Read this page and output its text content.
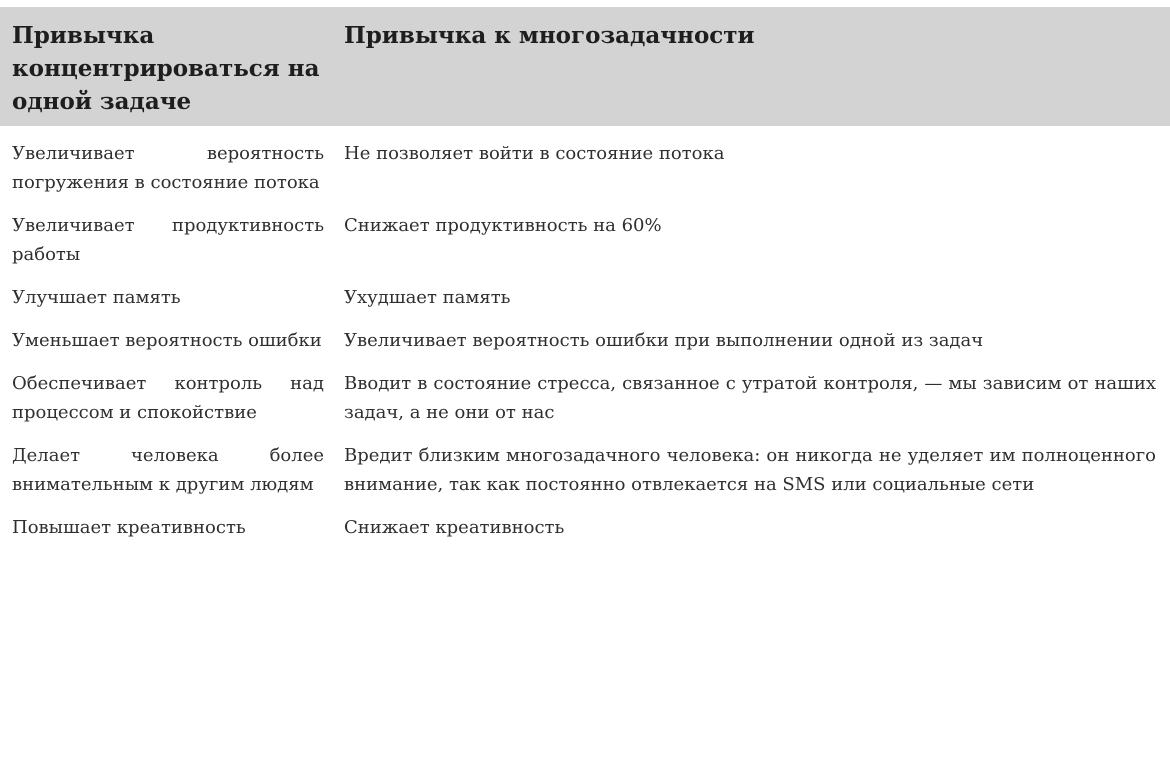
Привычка концентрироваться на одной задаче	Привычка к многозадачности
Увеличивает вероятность погружения в состояние потока	Не позволяет войти в состояние потока
Увеличивает продуктивность работы	Снижает продуктивность на 60%
Улучшает память	Ухудшает память
Уменьшает вероятность ошибки	Увеличивает вероятность ошибки при выполнении одной из задач
Обеспечивает контроль над процессом и спокойствие	Вводит в состояние стресса, связанное с утратой контроля, — мы зависим от наших задач, а не они от нас
Делает человека более внимательным к другим людям	Вредит близким многозадачного человека: он никогда не уделяет им полноценного внимание, так как постоянно отвлекается на SMS или социальные сети
Повышает креативность	Снижает креативность
